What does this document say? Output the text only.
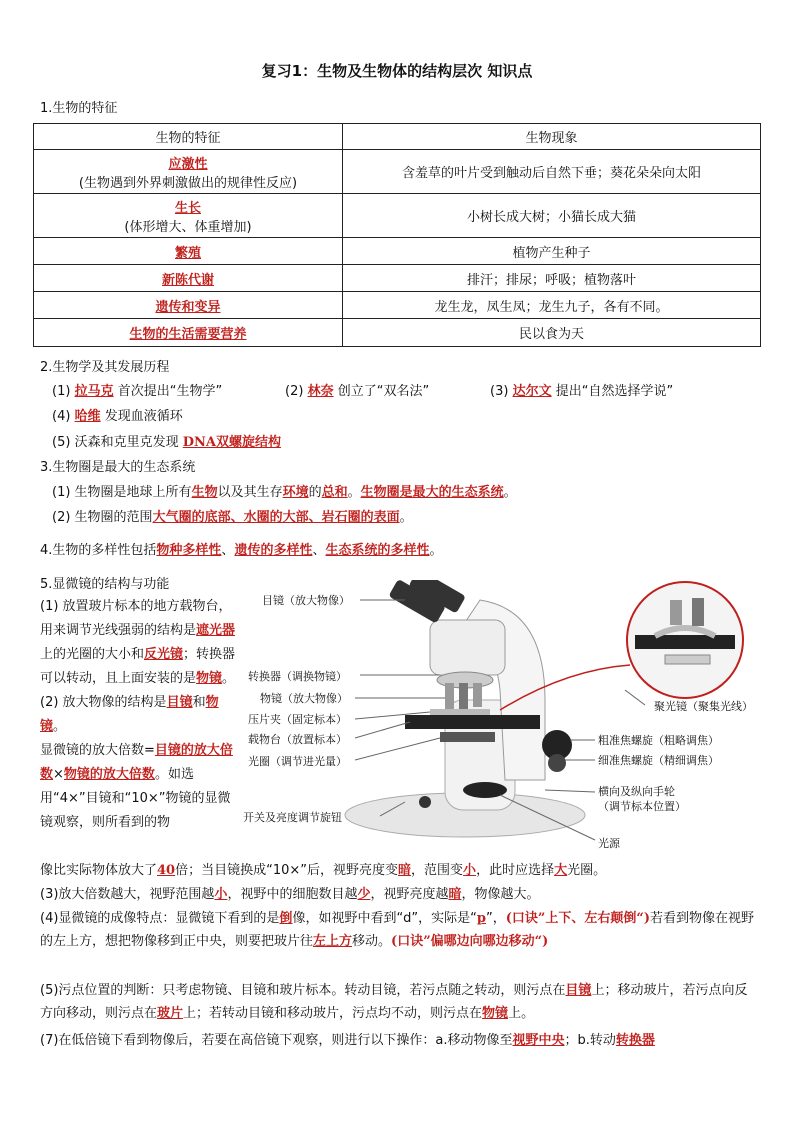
复习1：生物及生物体的结构层次 知识点
1.生物的特征
生物的特征	生物现象
应激性
(生物遇到外界刺激做出的规律性反应)	含羞草的叶片受到触动后自然下垂；葵花朵朵向太阳
生长
(体形增大、体重增加)	小树长成大树；小猫长成大猫
繁殖	植物产生种子
新陈代谢	排汗；排尿；呼吸；植物落叶
遗传和变异	龙生龙，凤生凤；龙生九子，各有不同。
生物的生活需要营养	民以食为天
2.生物学及其发展历程
(1) 拉马克 首次提出“生物学”	(2) 林奈 创立了“双名法”	(3) 达尔文 提出“自然选择学说”
(4) 哈维 发现血液循环
(5) 沃森和克里克发现 DNA双螺旋结构
3.生物圈是最大的生态系统
(1) 生物圈是地球上所有生物以及其生存环境的总和。生物圈是最大的生态系统。
(2) 生物圈的范围大气圈的底部、水圈的大部、岩石圈的表面。
4.生物的多样性包括物种多样性、遗传的多样性、生态系统的多样性。
5.显微镜的结构与功能
(1) 放置玻片标本的地方载物台，用来调节光线强弱的结构是遮光器上的光圈的大小和反光镜；转换器可以转动，且上面安装的是物镜。
(2) 放大物像的结构是目镜和物镜。
显微镜的放大倍数=目镜的放大倍数×物镜的放大倍数。如选用“4×”目镜和“10×”物镜的显微镜观察，则所看到的物
目镜（放大物像）
转换器（调换物镜）
物镜（放大物像）
压片夹（固定标本）
载物台（放置标本）
光圈（调节进光量）
开关及亮度调节旋钮
聚光镜（聚集光线）
粗准焦螺旋（粗略调焦）
细准焦螺旋（精细调焦）
横向及纵向手轮
（调节标本位置）
光源
像比实际物体放大了40倍；当目镜换成“10×”后，视野亮度变暗，范围变小，此时应选择大光圈。
(3)放大倍数越大，视野范围越小，视野中的细胞数目越少，视野亮度越暗，物像越大。
(4)显微镜的成像特点：显微镜下看到的是倒像，如视野中看到“d”，实际是“p”，(口诀”上下、左右颠倒“)若看到物像在视野的左上方，想把物像移到正中央，则要把玻片往左上方移动。(口诀”偏哪边向哪边移动“)
(5)污点位置的判断：只考虑物镜、目镜和玻片标本。转动目镜，若污点随之转动，则污点在目镜上；移动玻片，若污点向反方向移动，则污点在玻片上；若转动目镜和移动玻片，污点均不动，则污点在物镜上。
(7)在低倍镜下看到物像后，若要在高倍镜下观察，则进行以下操作：a.移动物像至视野中央；b.转动转换器
